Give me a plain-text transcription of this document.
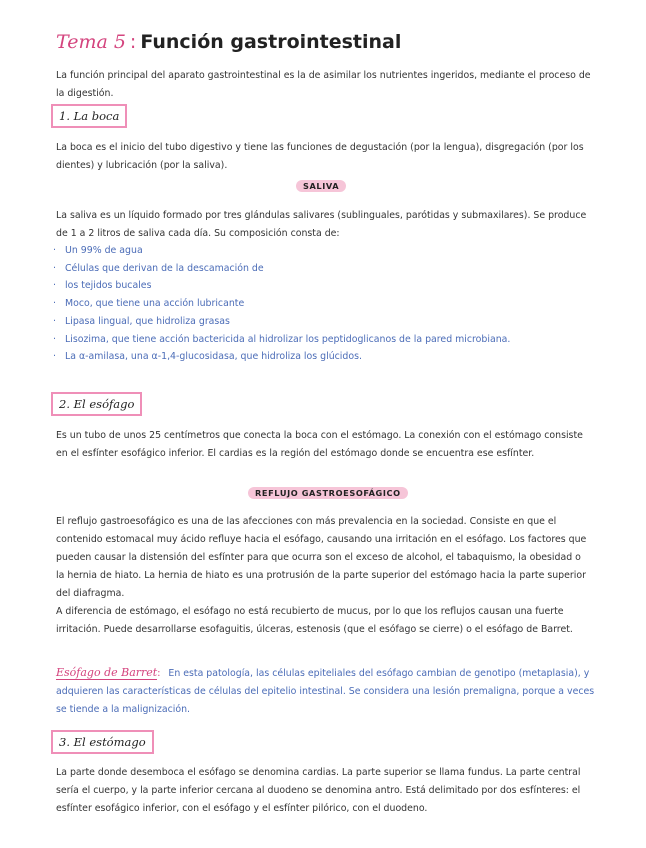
Tema 5 : Función gastrointestinal
La función principal del aparato gastrointestinal es la de asimilar los nutrientes ingeridos, mediante el proceso de la digestión.
1. La boca
La boca es el inicio del tubo digestivo y tiene las funciones de degustación (por la lengua), disgregación (por los dientes) y lubricación (por la saliva).
SALIVA
La saliva es un líquido formado por tres glándulas salivares (sublinguales, parótidas y submaxilares). Se produce de 1 a 2 litros de saliva cada día. Su composición consta de:
· Un 99% de agua
· Células que derivan de la descamación de
· los tejidos bucales
· Moco, que tiene una acción lubricante
· Lipasa lingual, que hidroliza grasas
· Lisozima, que tiene acción bactericida al hidrolizar los peptidoglicanos de la pared microbiana.
· La α-amilasa, una α-1,4-glucosidasa, que hidroliza los glúcidos.
2. El esófago
Es un tubo de unos 25 centímetros que conecta la boca con el estómago. La conexión con el estómago consiste en el esfínter esofágico inferior. El cardias es la región del estómago donde se encuentra ese esfínter.
REFLUJO GASTROESOFÁGICO
El reflujo gastroesofágico es una de las afecciones con más prevalencia en la sociedad. Consiste en que el contenido estomacal muy ácido refluye hacia el esófago, causando una irritación en el esófago. Los factores que pueden causar la distensión del esfínter para que ocurra son el exceso de alcohol, el tabaquismo, la obesidad o la hernia de hiato. La hernia de hiato es una protrusión de la parte superior del estómago hacia la parte superior del diafragma.
A diferencia de estómago, el esófago no está recubierto de mucus, por lo que los reflujos causan una fuerte irritación. Puede desarrollarse esofaguitis, úlceras, estenosis (que el esófago se cierre) o el esófago de Barret.
Esófago de Barret: En esta patología, las células epiteliales del esófago cambian de genotipo (metaplasia), y adquieren las características de células del epitelio intestinal. Se considera una lesión premaligna, porque a veces se tiende a la malignización.
3. El estómago
La parte donde desemboca el esófago se denomina cardias. La parte superior se llama fundus. La parte central sería el cuerpo, y la parte inferior cercana al duodeno se denomina antro. Está delimitado por dos esfínteres: el esfínter esofágico inferior, con el esófago y el esfínter pilórico, con el duodeno.
